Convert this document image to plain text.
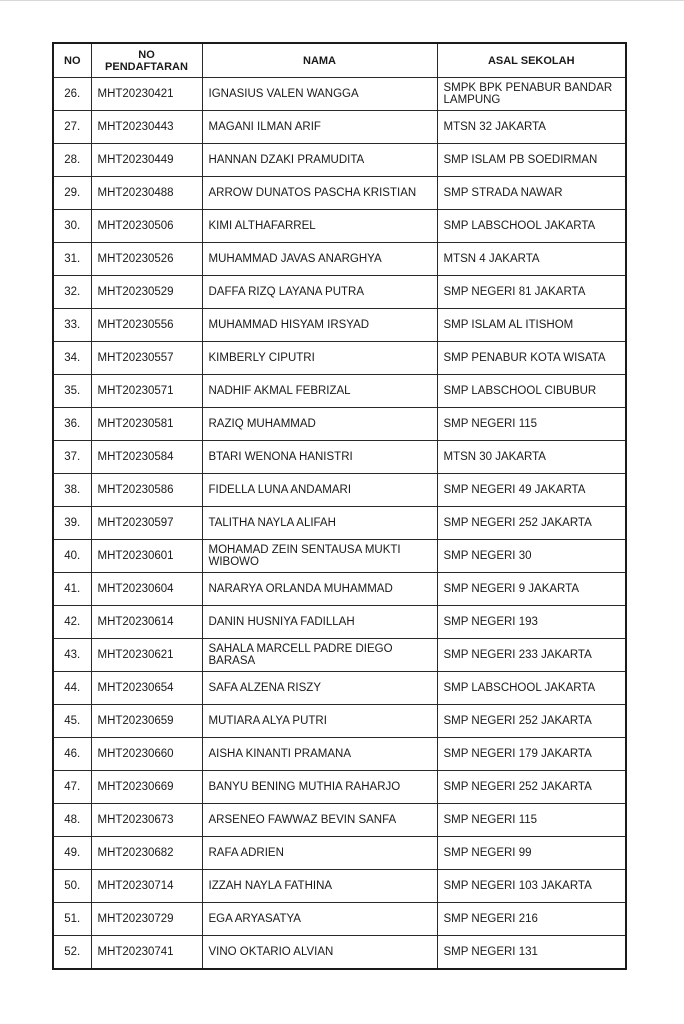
NO	NO PENDAFTARAN	NAMA	ASAL SEKOLAH
26.	MHT20230421	IGNASIUS VALEN WANGGA	SMPK BPK PENABUR BANDAR LAMPUNG
27.	MHT20230443	MAGANI ILMAN ARIF	MTSN 32 JAKARTA
28.	MHT20230449	HANNAN DZAKI PRAMUDITA	SMP ISLAM PB SOEDIRMAN
29.	MHT20230488	ARROW DUNATOS PASCHA KRISTIAN	SMP STRADA NAWAR
30.	MHT20230506	KIMI ALTHAFARREL	SMP LABSCHOOL JAKARTA
31.	MHT20230526	MUHAMMAD JAVAS ANARGHYA	MTSN 4 JAKARTA
32.	MHT20230529	DAFFA RIZQ LAYANA PUTRA	SMP NEGERI 81 JAKARTA
33.	MHT20230556	MUHAMMAD HISYAM IRSYAD	SMP ISLAM AL ITISHOM
34.	MHT20230557	KIMBERLY CIPUTRI	SMP PENABUR KOTA WISATA
35.	MHT20230571	NADHIF AKMAL FEBRIZAL	SMP LABSCHOOL CIBUBUR
36.	MHT20230581	RAZIQ MUHAMMAD	SMP NEGERI 115
37.	MHT20230584	BTARI WENONA HANISTRI	MTSN 30 JAKARTA
38.	MHT20230586	FIDELLA LUNA ANDAMARI	SMP NEGERI 49 JAKARTA
39.	MHT20230597	TALITHA NAYLA ALIFAH	SMP NEGERI 252 JAKARTA
40.	MHT20230601	MOHAMAD ZEIN SENTAUSA MUKTI WIBOWO	SMP NEGERI 30
41.	MHT20230604	NARARYA ORLANDA MUHAMMAD	SMP NEGERI 9 JAKARTA
42.	MHT20230614	DANIN HUSNIYA FADILLAH	SMP NEGERI 193
43.	MHT20230621	SAHALA MARCELL PADRE DIEGO BARASA	SMP NEGERI 233 JAKARTA
44.	MHT20230654	SAFA ALZENA RISZY	SMP LABSCHOOL JAKARTA
45.	MHT20230659	MUTIARA ALYA PUTRI	SMP NEGERI 252 JAKARTA
46.	MHT20230660	AISHA KINANTI PRAMANA	SMP NEGERI 179 JAKARTA
47.	MHT20230669	BANYU BENING MUTHIA RAHARJO	SMP NEGERI 252 JAKARTA
48.	MHT20230673	ARSENEO FAWWAZ BEVIN SANFA	SMP NEGERI 115
49.	MHT20230682	RAFA ADRIEN	SMP NEGERI 99
50.	MHT20230714	IZZAH NAYLA FATHINA	SMP NEGERI 103 JAKARTA
51.	MHT20230729	EGA ARYASATYA	SMP NEGERI 216
52.	MHT20230741	VINO OKTARIO ALVIAN	SMP NEGERI 131
